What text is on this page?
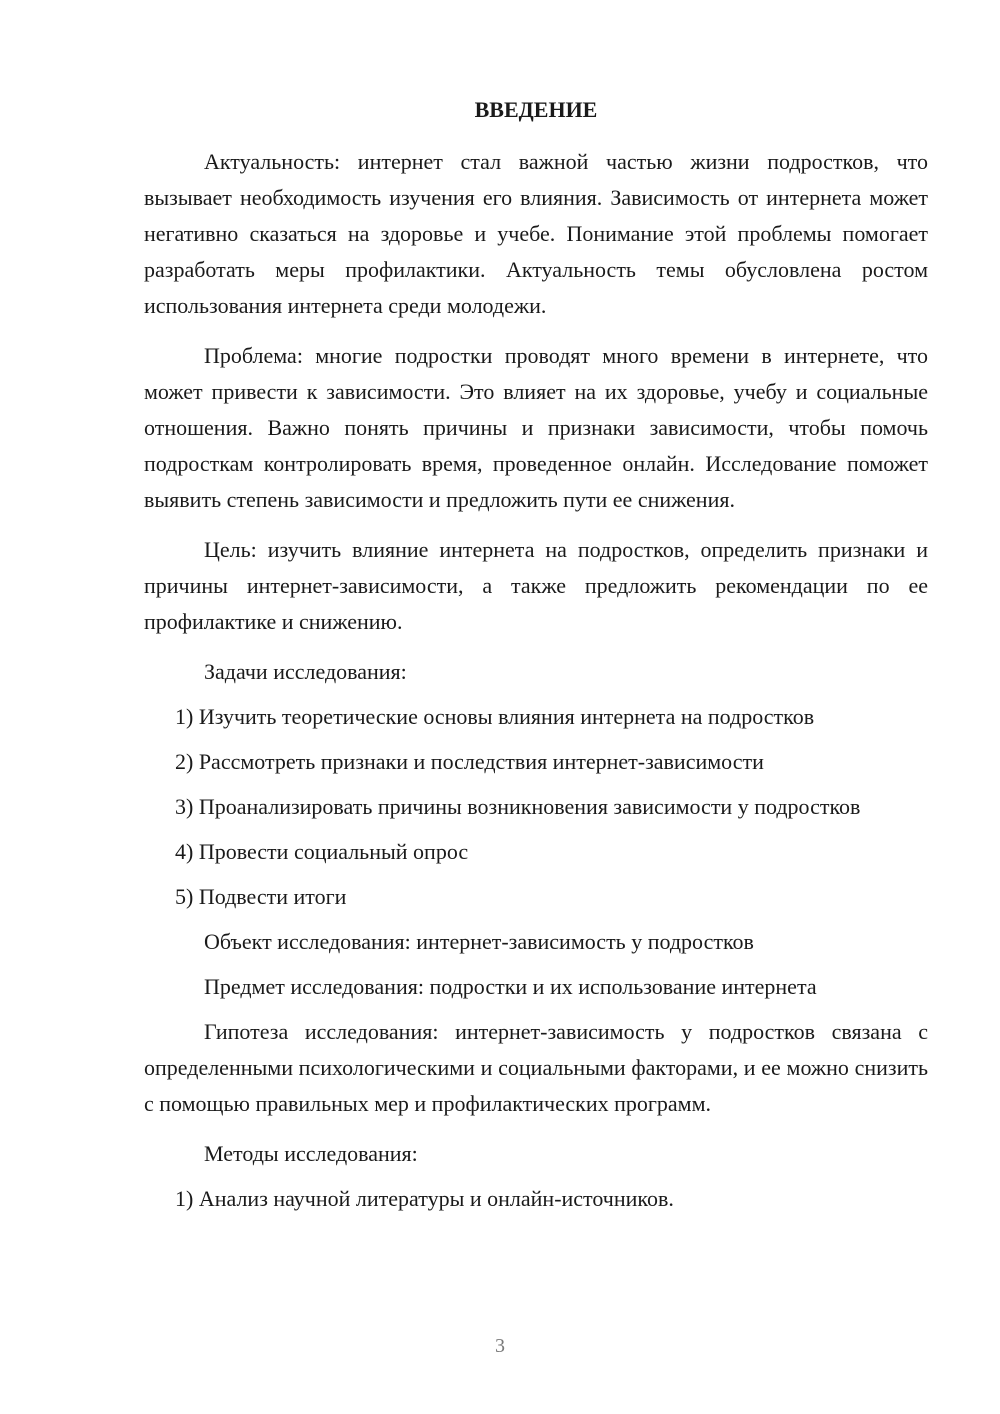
ВВЕДЕНИЕ

Актуальность: интернет стал важной частью жизни подростков, что вызывает необходимость изучения его влияния. Зависимость от интернета может негативно сказаться на здоровье и учебе. Понимание этой проблемы помогает разработать меры профилактики. Актуальность темы обусловлена ростом использования интернета среди молодежи.

Проблема: многие подростки проводят много времени в интернете, что может привести к зависимости. Это влияет на их здоровье, учебу и социальные отношения. Важно понять причины и признаки зависимости, чтобы помочь подросткам контролировать время, проведенное онлайн. Исследование поможет выявить степень зависимости и предложить пути ее снижения.

Цель: изучить влияние интернета на подростков, определить признаки и причины интернет-зависимости, а также предложить рекомендации по ее профилактике и снижению.

Задачи исследования:

1) Изучить теоретические основы влияния интернета на подростков

2) Рассмотреть признаки и последствия интернет-зависимости

3) Проанализировать причины возникновения зависимости у подростков

4) Провести социальный опрос

5) Подвести итоги

Объект исследования: интернет-зависимость у подростков

Предмет исследования: подростки и их использование интернета

Гипотеза исследования: интернет-зависимость у подростков связана с определенными психологическими и социальными факторами, и ее можно снизить с помощью правильных мер и профилактических программ.

Методы исследования:

1) Анализ научной литературы и онлайн-источников.

3
